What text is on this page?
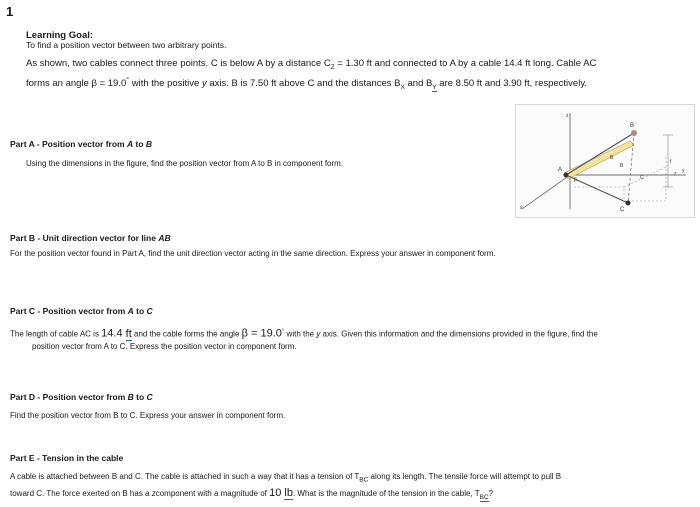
1
Learning Goal:
To find a position vector between two arbitrary points.
As shown, two cables connect three points. C is below A by a distance $C_Z = 1.30$ ft and connected to A by a cable 14.4 ft long. Cable AC
forms an angle β = 19.0° with the positive y axis. B is 7.50 ft above C and the distances $B_X$ and $B_Y$ are 8.50 ft and 3.90 ft, respectively.
z
x
y
A
B
C
β
B
B
C
z
f
Part A - Position vector from A to B
Using the dimensions in the figure, find the position vector from A to B in component form.
Part B - Unit direction vector for line AB
For the position vector found in Part A, find the unit direction vector acting in the same direction. Express your answer in component form.
Part C - Position vector from A to C
The length of cable AC is 14.4 ft and the cable forms the angle β = 19.0° with the y axis. Given this information and the dimensions provided in the figure, find the
position vector from A to C. Express the position vector in component form.
Part D - Position vector from B to C
Find the position vector from B to C. Express your answer in component form.
Part E - Tension in the cable
A cable is attached between B and C. The cable is attached in such a way that it has a tension of $T_{BC}$ along its length. The tensile force will attempt to pull B
toward C. The force exerted on B has a zcomponent with a magnitude of 10 lb. What is the magnitude of the tension in the cable, $T_{BC}$?
